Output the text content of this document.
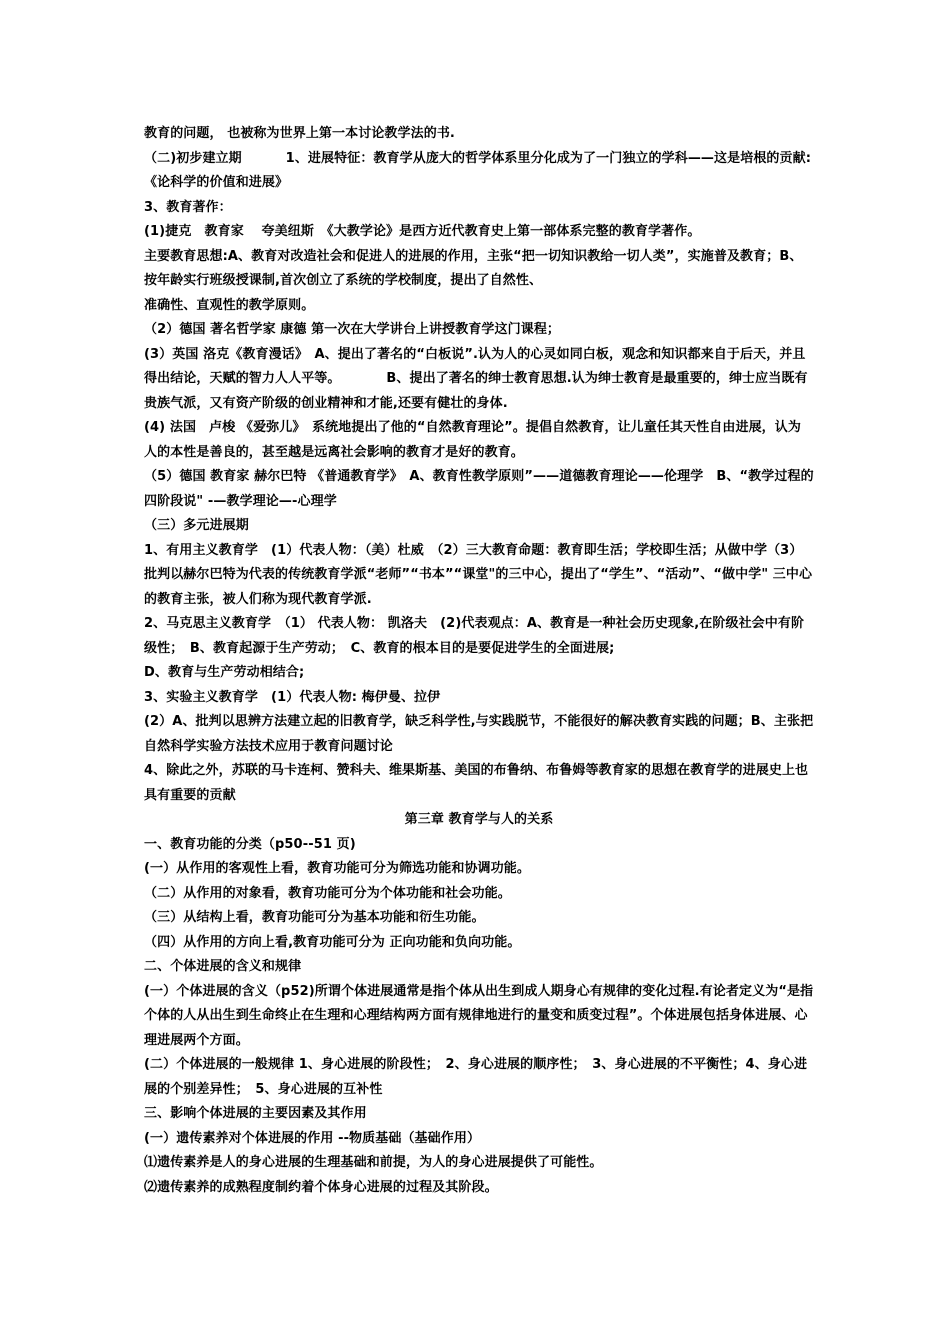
教育的问题， 也被称为世界上第一本讨论教学法的书.

（二)初步建立期 　　　1、进展特征：教育学从庞大的哲学体系里分化成为了一门独立的学科——这是培根的贡献:《论科学的价值和进展》

3、教育著作：

(1)捷克　教育家　 夸美纽斯　《大教学论》是西方近代教育史上第一部体系完整的教育学著作。

主要教育思想:A、教育对改造社会和促进人的进展的作用，主张“把一切知识教给一切人类”，实施普及教育；B、按年龄实行班级授课制,首次创立了系统的学校制度，提出了自然性、

准确性、直观性的教学原则。

（2）德国 著名哲学家 康德 第一次在大学讲台上讲授教育学这门课程；

(3）英国 洛克《教育漫话》　A、提出了著名的“白板说”.认为人的心灵如同白板，观念和知识都来自于后天，并且得出结论，天赋的智力人人平等。　　　　B、提出了著名的绅士教育思想.认为绅士教育是最重要的，绅士应当既有贵族气派，又有资产阶级的创业精神和才能,还要有健壮的身体.

(4) 法国　卢梭 《爱弥儿》　系统地提出了他的“自然教育理论”。提倡自然教育，让儿童任其天性自由进展，认为人的本性是善良的，甚至越是远离社会影响的教育才是好的教育。

（5）德国 教育家 赫尔巴特 《普通教育学》　A、教育性教学原则”——道德教育理论——伦理学　B、“教学过程的四阶段说" -—教学理论—-心理学

（三）多元进展期

1、有用主义教育学　(1）代表人物：（美）杜威　（2）三大教育命题：教育即生活；学校即生活；从做中学（3）批判以赫尔巴特为代表的传统教育学派“老师”“书本”“课堂"的三中心，提出了“学生”、“活动”、“做中学" 三中心的教育主张，被人们称为现代教育学派.

2、马克思主义教育学　（1） 代表人物： 凯洛夫　(2)代表观点：A、教育是一种社会历史现象,在阶级社会中有阶级性；　B、教育起源于生产劳动；　C、教育的根本目的是要促进学生的全面进展;

D、教育与生产劳动相结合;

3、实验主义教育学　(1）代表人物: 梅伊曼、拉伊

(2）A、批判以思辨方法建立起的旧教育学，缺乏科学性,与实践脱节，不能很好的解决教育实践的问题；B、主张把自然科学实验方法技术应用于教育问题讨论

4、除此之外，苏联的马卡连柯、赞科夫、维果斯基、美国的布鲁纳、布鲁姆等教育家的思想在教育学的进展史上也具有重要的贡献

第三章 教育学与人的关系

一、教育功能的分类（p50--51 页)

(一）从作用的客观性上看，教育功能可分为筛选功能和协调功能。

（二）从作用的对象看，教育功能可分为个体功能和社会功能。

（三）从结构上看，教育功能可分为基本功能和衍生功能。

（四）从作用的方向上看,教育功能可分为 正向功能和负向功能。

二、个体进展的含义和规律

(一）个体进展的含义（p52)所谓个体进展通常是指个体从出生到成人期身心有规律的变化过程.有论者定义为“是指个体的人从出生到生命终止在生理和心理结构两方面有规律地进行的量变和质变过程”。个体进展包括身体进展、心理进展两个方面。

(二）个体进展的一般规律 1、身心进展的阶段性；　2、身心进展的顺序性；　3、身心进展的不平衡性；4、身心进展的个别差异性；　5、身心进展的互补性

三、影响个体进展的主要因素及其作用

(一）遗传素养对个体进展的作用 --物质基础（基础作用）

⑴遗传素养是人的身心进展的生理基础和前提，为人的身心进展提供了可能性。

⑵遗传素养的成熟程度制约着个体身心进展的过程及其阶段。
